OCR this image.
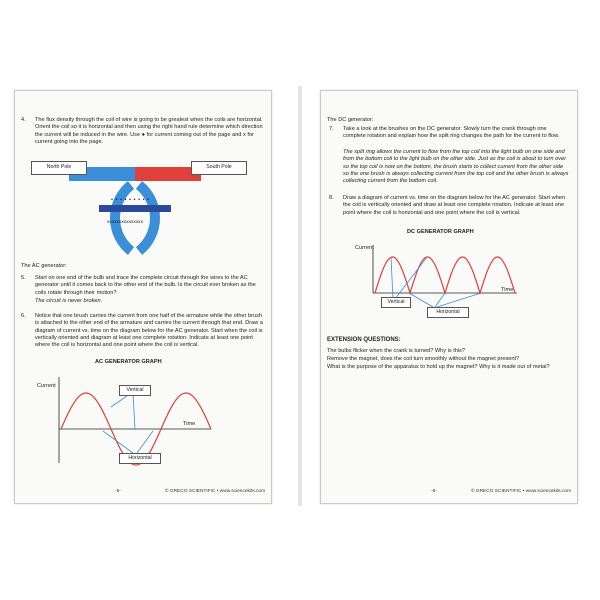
4. The flux density through the coil of wire is going to be greatest when the coils are horizontal. Orient the coil so it is horizontal and then using the right hand rule determine which direction the current will be induced in the wire. Use ● for current coming out of the page and x for current going into the page.

North Pole	South Pole
• • • • • • • • •
xxxxxxxxxxxxxxx

The AC generator:

5. Start on one end of the bulb and trace the complete circuit through the wires to the AC generator until it comes back to the other end of the bulb. Is the circuit ever broken as the coils rotate through their motion?

The circuit is never broken.

6. Notice that one brush carries the current from one half of the armature while the other brush is attached to the other end of the armature and carries the current through that end. Draw a diagram of current vs. time on the diagram below for the AC generator. Start when the coil is vertically oriented and diagram at least one complete rotation. Indicate at least one point where the coil is horizontal and one point where the coil is vertical.

AC GENERATOR GRAPH
Current
Time
Vertical
Horizontal
-5-	© GRECO SCIENTIFIC • www.sciencekits.com

The DC generator:

7. Take a look at the brushes on the DC generator. Slowly turn the crank through one complete rotation and explain how the split ring changes the path for the current to flow.

The split ring allows the current to flow from the top coil into the light bulb on one side and from the bottom coil to the light bulb on the other side. Just as the coil is about to turn over so the top coil is now on the bottom, the brush starts to collect current from the other side so the one brush is always collecting current from the top coil and the other brush is always collecting current from the bottom coil.

8. Draw a diagram of current vs. time on the diagram below for the AC generator. Start when the coil is vertically oriented and draw at least one complete rotation. Indicate at least one point where the coil is horizontal and one point where the coil is vertical.

DC GENERATOR GRAPH
Current
Time
Vertical
Horizontal

EXTENSION QUESTIONS:

The bulbs flicker when the crank is turned? Why is this?

Remove the magnet, does the coil turn smoothly without the magnet present?

What is the purpose of the apparatus to hold up the magnet? Why is it made out of metal?

-6-	© GRECO SCIENTIFIC • www.sciencekits.com
